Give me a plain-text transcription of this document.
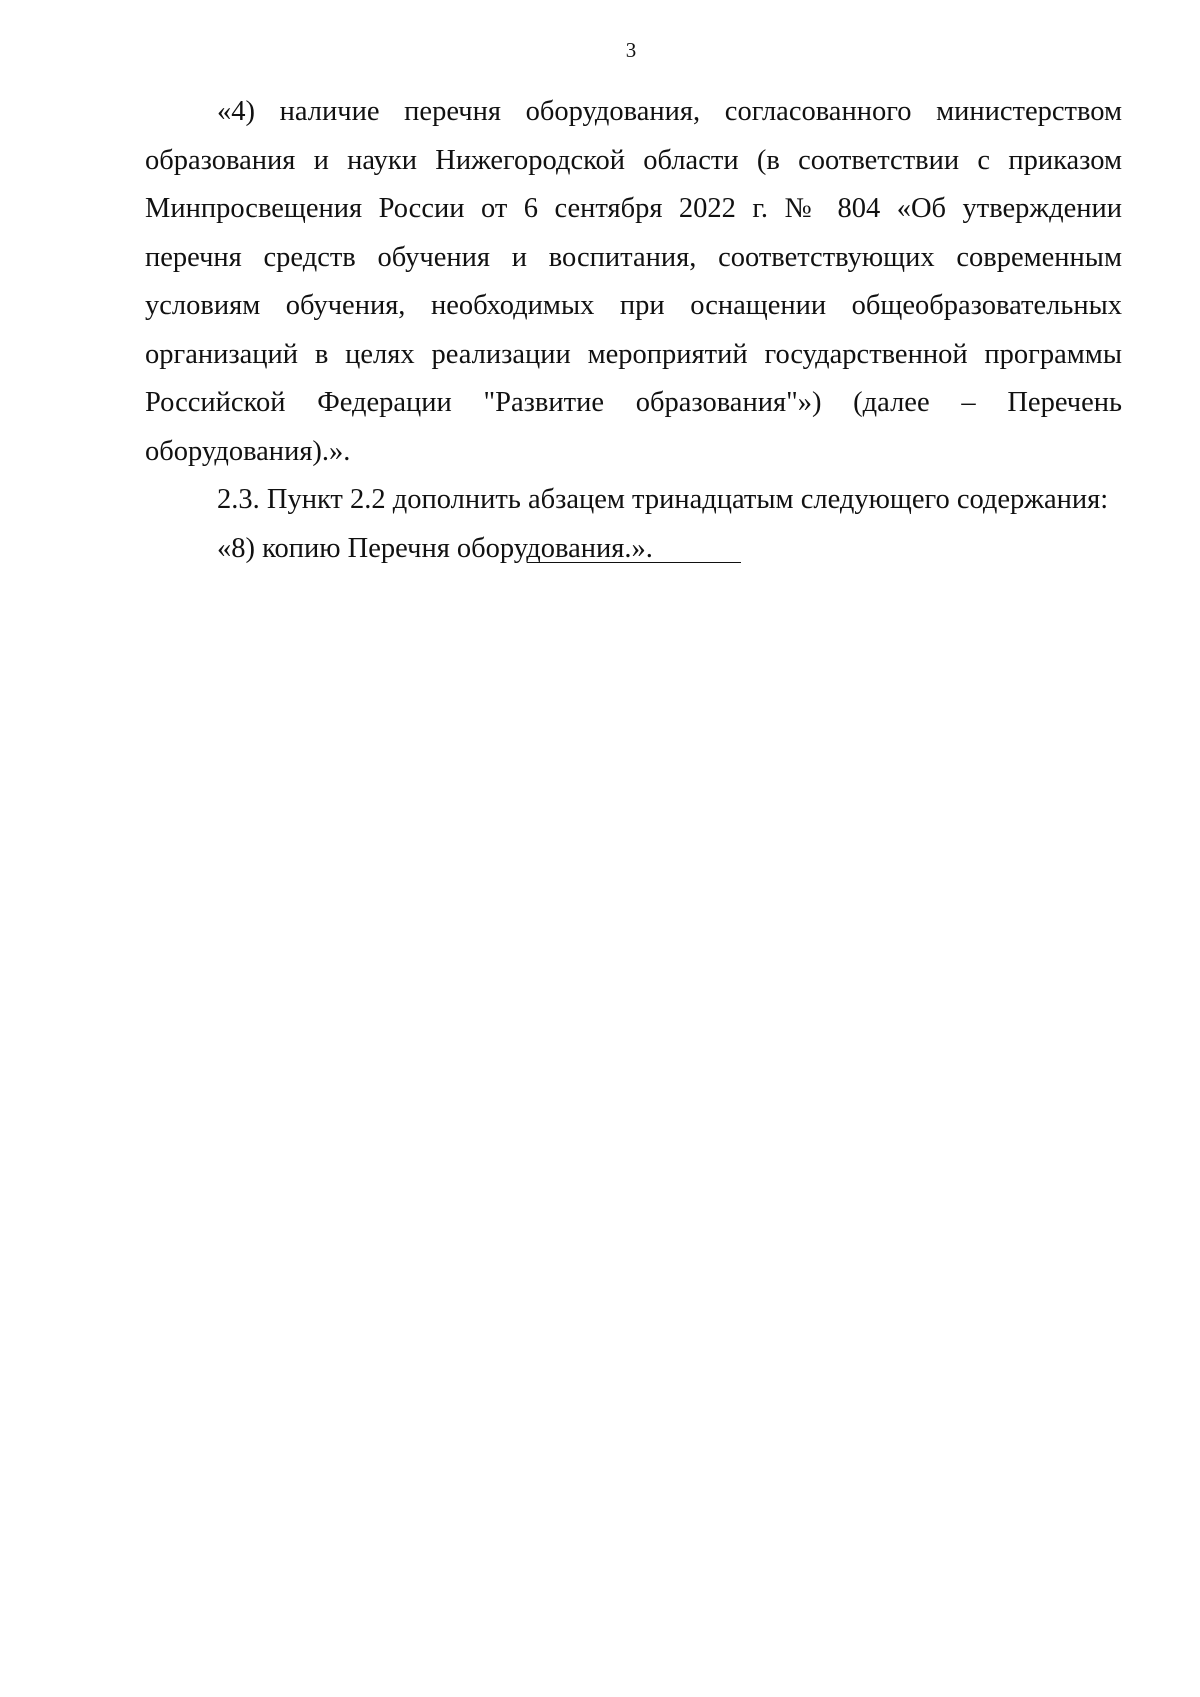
3

«4) наличие перечня оборудования, согласованного министерством образования и науки Нижегородской области (в соответствии с приказом Минпросвещения России от 6 сентября 2022 г. № 804 «Об утверждении перечня средств обучения и воспитания, соответствующих современным условиям обучения, необходимых при оснащении общеобразовательных организаций в целях реализации мероприятий государственной программы Российской Федерации "Развитие образования"») (далее – Перечень оборудования).».

2.3. Пункт 2.2 дополнить абзацем тринадцатым следующего содержания:

«8) копию Перечня оборудования.».
